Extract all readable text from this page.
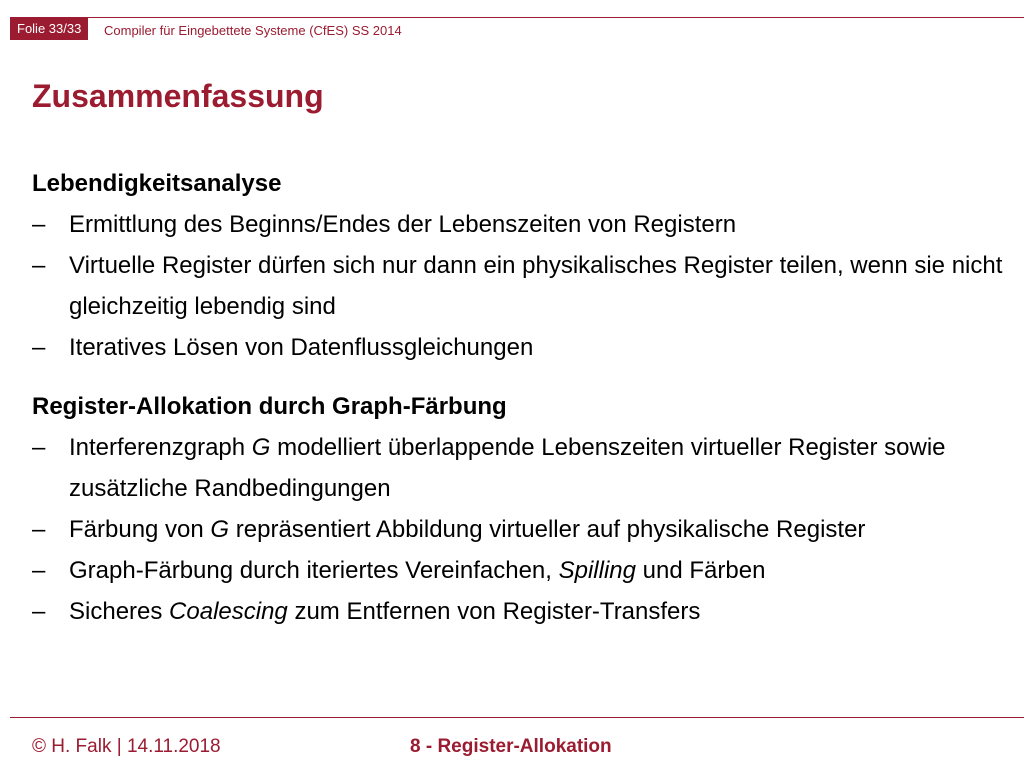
Folie 33/33	Compiler für Eingebettete Systeme (CfES) SS 2014
Zusammenfassung

Lebendigkeitsanalyse

– Ermittlung des Beginns/Endes der Lebenszeiten von Registern
– Virtuelle Register dürfen sich nur dann ein physikalisches Register teilen, wenn sie nicht gleichzeitig lebendig sind
– Iteratives Lösen von Datenflussgleichungen

Register-Allokation durch Graph-Färbung

– Interferenzgraph G modelliert überlappende Lebenszeiten virtueller Register sowie zusätzliche Randbedingungen
– Färbung von G repräsentiert Abbildung virtueller auf physikalische Register
– Graph-Färbung durch iteriertes Vereinfachen, Spilling und Färben
– Sicheres Coalescing zum Entfernen von Register-Transfers
© H. Falk | 14.11.2018	8 - Register-Allokation
